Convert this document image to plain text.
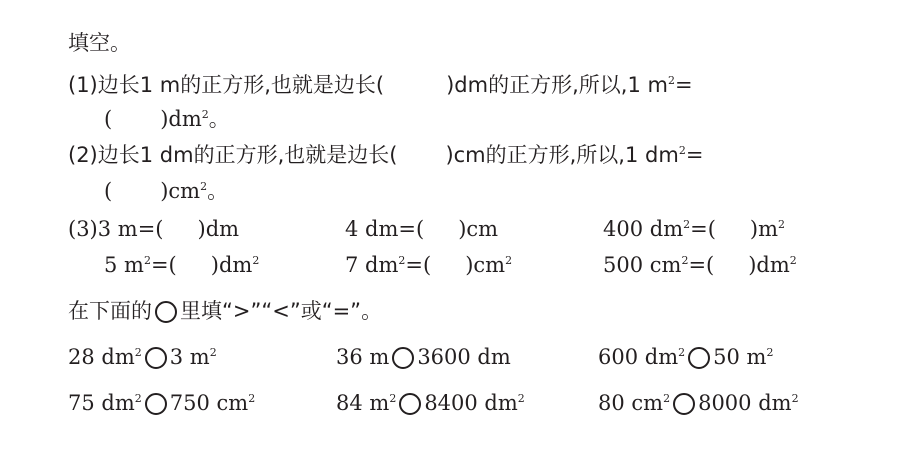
填空。
(1)边长1 m的正方形,也就是边长(	)dm的正方形,所以,1 $m^2=$
( )$dm^2$。
(2)边长1 dm的正方形,也就是边长( )cm的正方形,所以,1 $dm^2=$
( )$cm^2$。
(3)3 m=( )dm	4 dm=( )cm	400 $dm^2=$( )$m^2$
5 $m^2=$( )$dm^2$	7 $dm^2=$( )$cm^2$	500 $cm^2=$( )$dm^2$
在下面的 里填“>”“<”或“=”。
28 $dm^2$ 3 $m^2$	36 m 3600 dm	600 $dm^2$ 50 $m^2$
75 $dm^2$ 750 $cm^2$	84 $m^2$ 8400 $dm^2$	80 $cm^2$ 8000 $dm^2$
